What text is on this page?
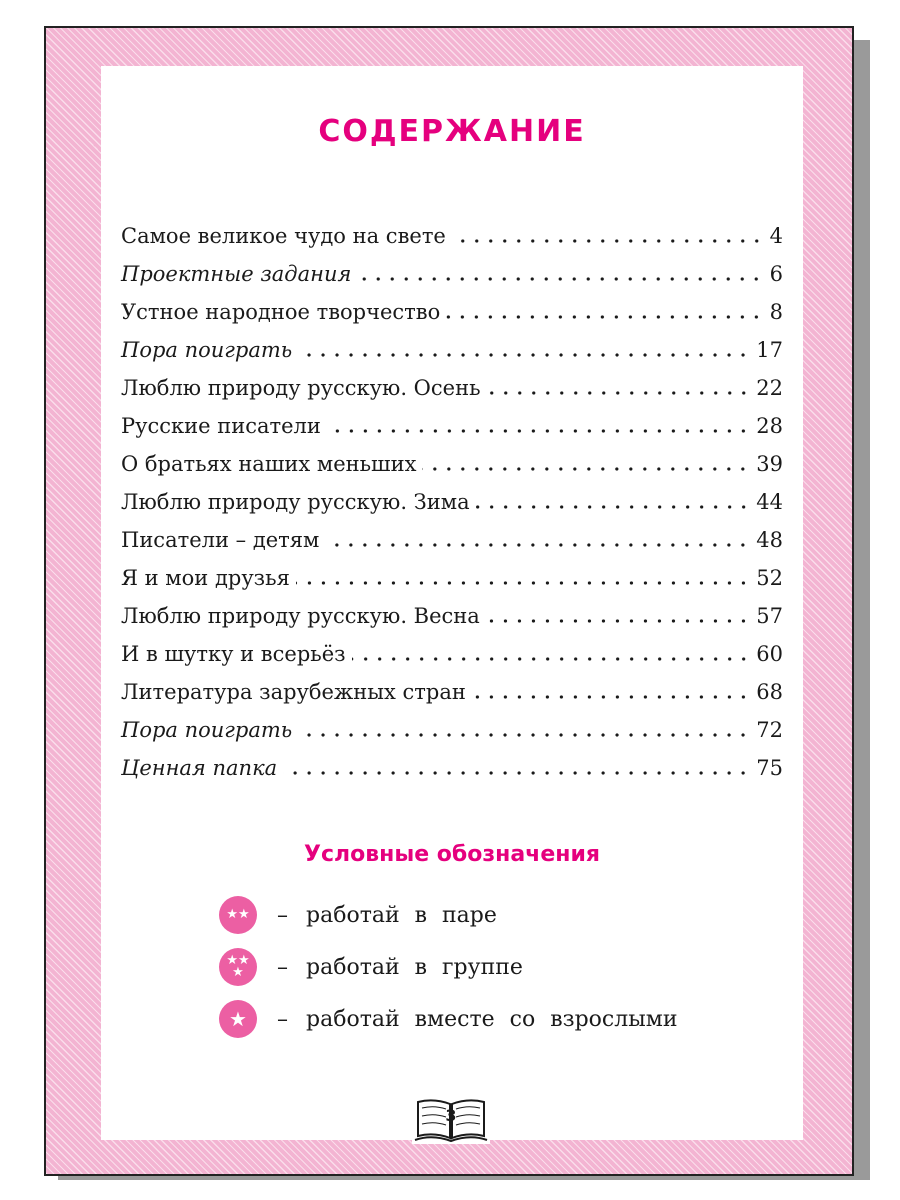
СОДЕРЖАНИЕ
Самое великое чудо на свете	4
Проектные задания	6
Устное народное творчество	8
Пора поиграть	17
Люблю природу русскую. Осень	22
Русские писатели	28
О братьях наших меньших	39
Люблю природу русскую. Зима	44
Писатели – детям	48
Я и мои друзья	52
Люблю природу русскую. Весна	57
И в шутку и всерьёз	60
Литература зарубежных стран	68
Пора поиграть	72
Ценная папка	75
Условные обозначения
★★	– работай в паре
★★
★	– работай в группе
★	– работай вместе со взрослыми
3
